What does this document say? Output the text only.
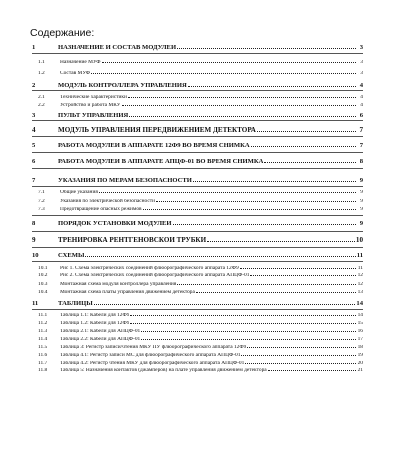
Содержание:
1	НАЗНАЧЕНИЕ И СОСТАВ МОДУЛЕЙ	3
1.1	Назначение МУФ	3
1.2	Состав МУФ	3
2	МОДУЛЬ КОНТРОЛЛЕРА УПРАВЛЕНИЯ	4
2.1	Технические характеристики	4
2.2	Устройство и работа МКУ	4
3	ПУЛЬТ УПРАВЛЕНИЯ	6
4	МОДУЛЬ УПРАВЛЕНИЯ ПЕРЕДВИЖЕНИЕМ ДЕТЕКТОРА	7
5	РАБОТА МОДУЛЕЙ В АППАРАТЕ 12Ф9 ВО ВРЕМЯ СНИМКА	7
6	РАБОТА МОДУЛЕЙ В АППАРАТЕ АПЦФ-01 ВО ВРЕМЯ СНИМКА	8
7	УКАЗАНИЯ ПО МЕРАМ БЕЗОПАСНОСТИ	9
7.1	Общие указания	9
7.2	Указания по электрической безопасности	9
7.3	Предотвращение опасных режимов	9
8	ПОРЯДОК УСТАНОВКИ МОДУЛЕЙ	9
9	ТРЕНИРОВКА РЕНТГЕНОВСКОЙ ТРУБКИ	10
10	СХЕМЫ	11
10.1	Рис 1. Схема электрических соединений флюорографического аппарата 12Ф9	11
10.2	Рис 2. Схема электрических соединений флюорографического аппарата АПЦФ-01	12
10.3	Монтажная схема модуля контроллера управления	12
10.4	Монтажная схема платы управления движением детектора	13
11	ТАБЛИЦЫ	14
11.1	Таблица 1.1: Кабели для 12Ф9	14
11.2	Таблица 1.2: Кабели для 12Ф9	15
11.3	Таблица 2.1: Кабели для АПЦФ-01	16
11.4	Таблица 2.2: Кабели для АПЦФ-01	17
11.5	Таблица 3: Регистр записи/чтения МКУ ПУ флюорографического аппарата 12Ф9	18
11.6	Таблица 4.1: Регистр записи МС для флюорографического аппарата АПЦФ-01	19
11.7	Таблица 4.2: Регистр чтения МКУ для флюорографического аппарата АПЦФ-01	20
11.8	Таблица 5: Назначения контактов (джамперов) на плате управления движением детектора	21
